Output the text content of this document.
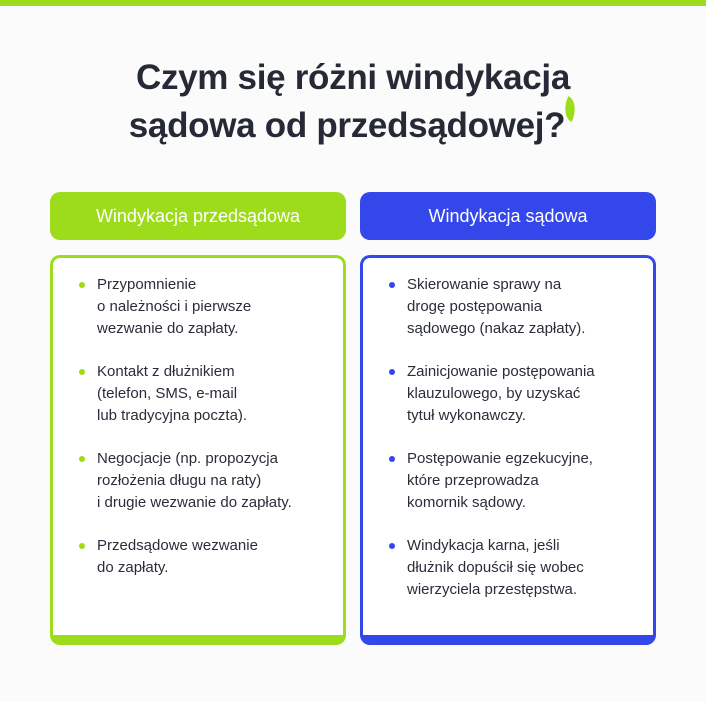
Czym się różni windykacja
sądowa od przedsądowej?
Windykacja przedsądowa	Windykacja sądowa
Przypomnienie
o należności i pierwsze
wezwanie do zapłaty.
Kontakt z dłużnikiem
(telefon, SMS, e-mail
lub tradycyjna poczta).
Negocjacje (np. propozycja
rozłożenia długu na raty)
i drugie wezwanie do zapłaty.
Przedsądowe wezwanie
do zapłaty.
Skierowanie sprawy na
drogę postępowania
sądowego (nakaz zapłaty).
Zainicjowanie postępowania
klauzulowego, by uzyskać
tytuł wykonawczy.
Postępowanie egzekucyjne,
które przeprowadza
komornik sądowy.
Windykacja karna, jeśli
dłużnik dopuścił się wobec
wierzyciela przestępstwa.
